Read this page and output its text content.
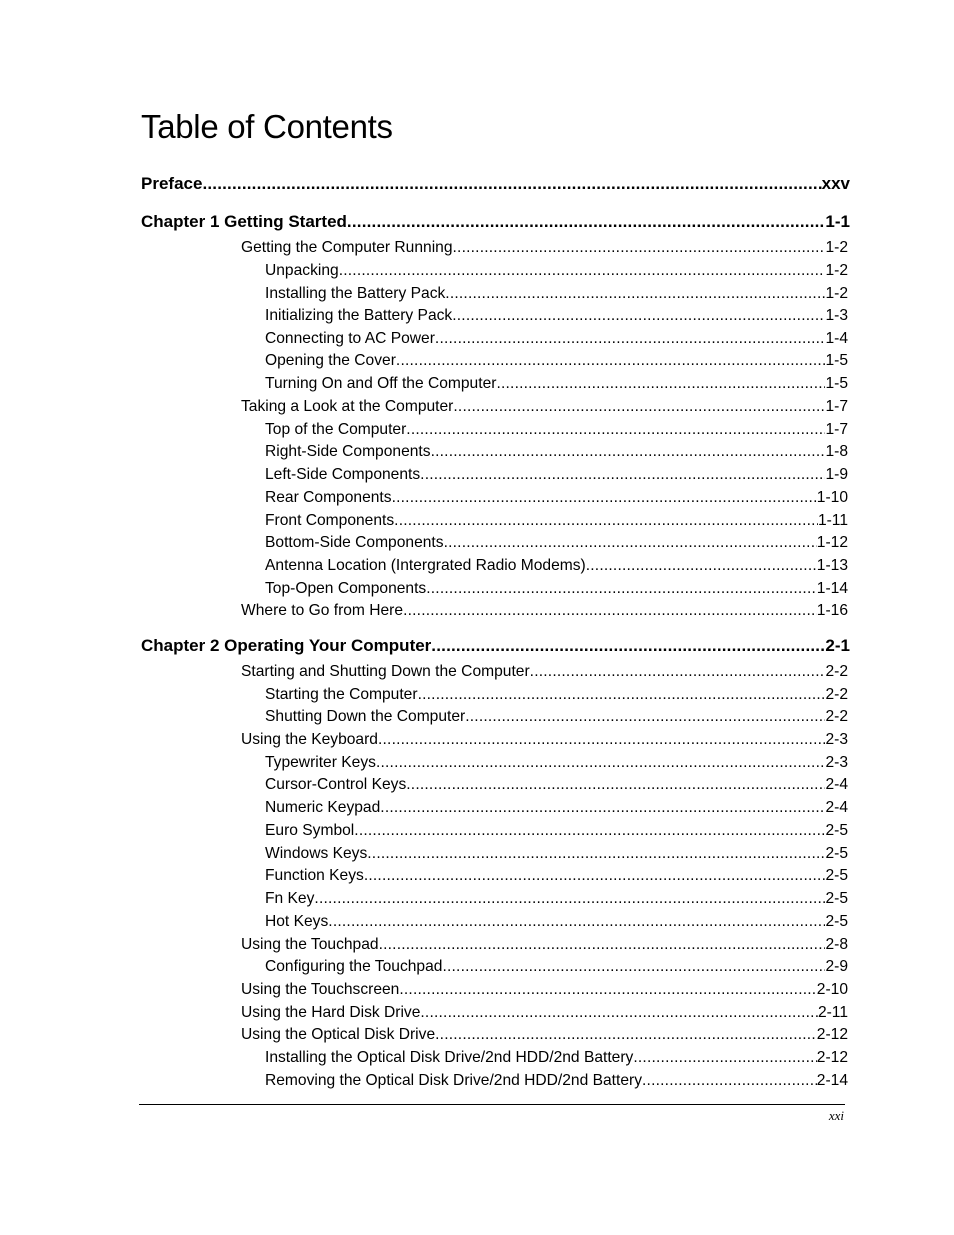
Table of Contents
Preface .....	xxv
Chapter 1 Getting Started .....	1-1
Getting the Computer Running .....	1-2
Unpacking .....	1-2
Installing the Battery Pack .....	1-2
Initializing the Battery Pack .....	1-3
Connecting to AC Power .....	1-4
Opening the Cover .....	1-5
Turning On and Off the Computer .....	1-5
Taking a Look at the Computer .....	1-7
Top of the Computer .....	1-7
Right-Side Components .....	1-8
Left-Side Components .....	1-9
Rear Components .....	1-10
Front Components .....	1-11
Bottom-Side Components .....	1-12
Antenna Location (Intergrated Radio Modems) .....	1-13
Top-Open Components .....	1-14
Where to Go from Here .....	1-16
Chapter 2 Operating Your Computer .....	2-1
Starting and Shutting Down the Computer .....	2-2
Starting the Computer .....	2-2
Shutting Down the Computer .....	2-2
Using the Keyboard .....	2-3
Typewriter Keys .....	2-3
Cursor-Control Keys .....	2-4
Numeric Keypad .....	2-4
Euro Symbol .....	2-5
Windows Keys .....	2-5
Function Keys .....	2-5
Fn Key .....	2-5
Hot Keys .....	2-5
Using the Touchpad .....	2-8
Configuring the Touchpad .....	2-9
Using the Touchscreen .....	2-10
Using the Hard Disk Drive .....	2-11
Using the Optical Disk Drive .....	2-12
Installing the Optical Disk Drive/2nd HDD/2nd Battery .....	2-12
Removing the Optical Disk Drive/2nd HDD/2nd Battery .....	2-14
xxi
